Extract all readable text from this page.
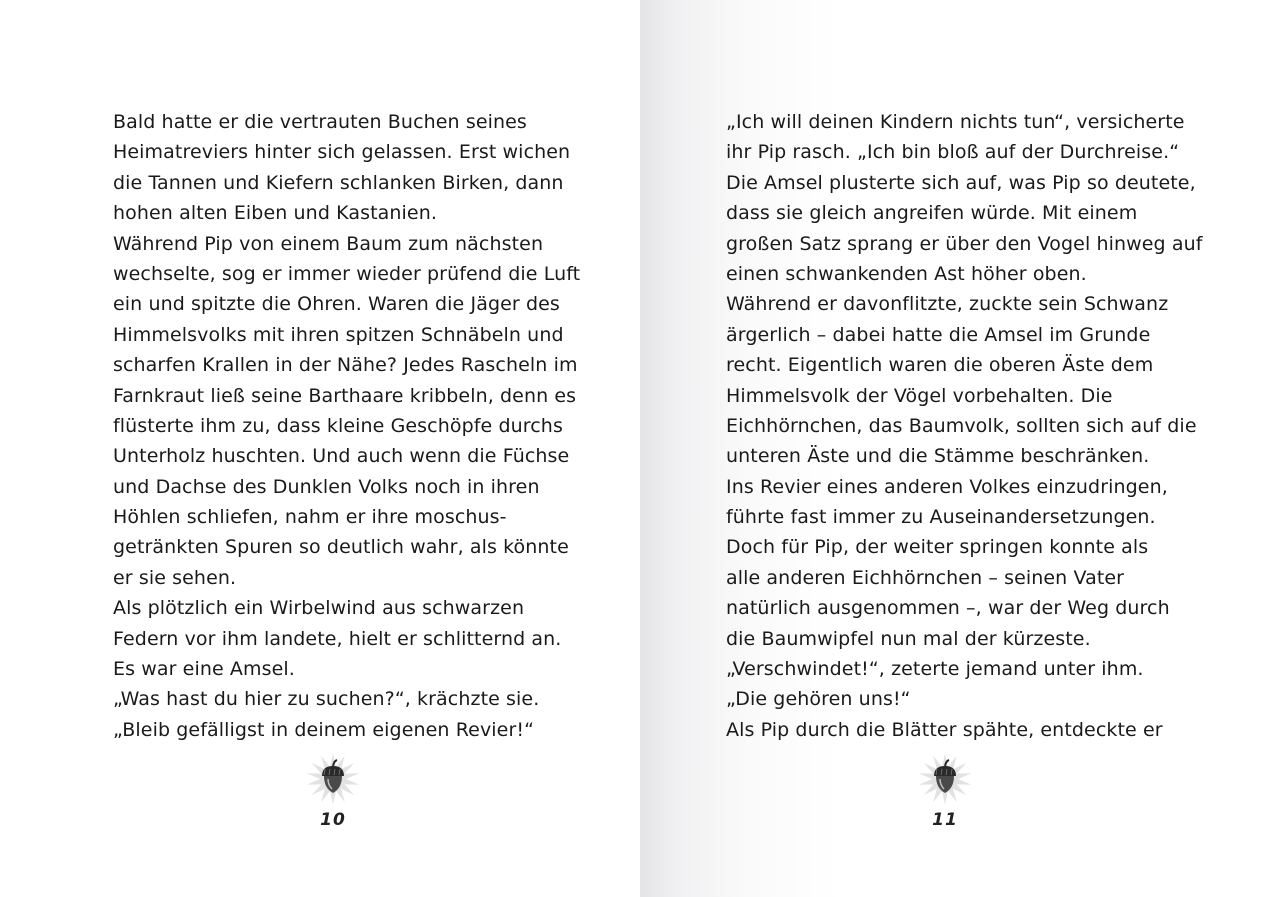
Bald hatte er die vertrauten Buchen seines
Heimatreviers hinter sich gelassen. Erst wichen
die Tannen und Kiefern schlanken Birken, dann
hohen alten Eiben und Kastanien.
Während Pip von einem Baum zum nächsten
wechselte, sog er immer wieder prüfend die Luft
ein und spitzte die Ohren. Waren die Jäger des
Himmelsvolks mit ihren spitzen Schnäbeln und
scharfen Krallen in der Nähe? Jedes Rascheln im
Farnkraut ließ seine Barthaare kribbeln, denn es
flüsterte ihm zu, dass kleine Geschöpfe durchs
Unterholz huschten. Und auch wenn die Füchse
und Dachse des Dunklen Volks noch in ihren
Höhlen schliefen, nahm er ihre moschus-
getränkten Spuren so deutlich wahr, als könnte
er sie sehen.
Als plötzlich ein Wirbelwind aus schwarzen
Federn vor ihm landete, hielt er schlitternd an.
Es war eine Amsel.
„Was hast du hier zu suchen?“, krächzte sie.
„Bleib gefälligst in deinem eigenen Revier!“
10
„Ich will deinen Kindern nichts tun“, versicherte
ihr Pip rasch. „Ich bin bloß auf der Durchreise.“
Die Amsel plusterte sich auf, was Pip so deutete,
dass sie gleich angreifen würde. Mit einem
großen Satz sprang er über den Vogel hinweg auf
einen schwankenden Ast höher oben.
Während er davonflitzte, zuckte sein Schwanz
ärgerlich – dabei hatte die Amsel im Grunde
recht. Eigentlich waren die oberen Äste dem
Himmelsvolk der Vögel vorbehalten. Die
Eichhörnchen, das Baumvolk, sollten sich auf die
unteren Äste und die Stämme beschränken.
Ins Revier eines anderen Volkes einzudringen,
führte fast immer zu Auseinandersetzungen.
Doch für Pip, der weiter springen konnte als
alle anderen Eichhörnchen – seinen Vater
natürlich ausgenommen –, war der Weg durch
die Baumwipfel nun mal der kürzeste.
„Verschwindet!“, zeterte jemand unter ihm.
„Die gehören uns!“
Als Pip durch die Blätter spähte, entdeckte er
11
